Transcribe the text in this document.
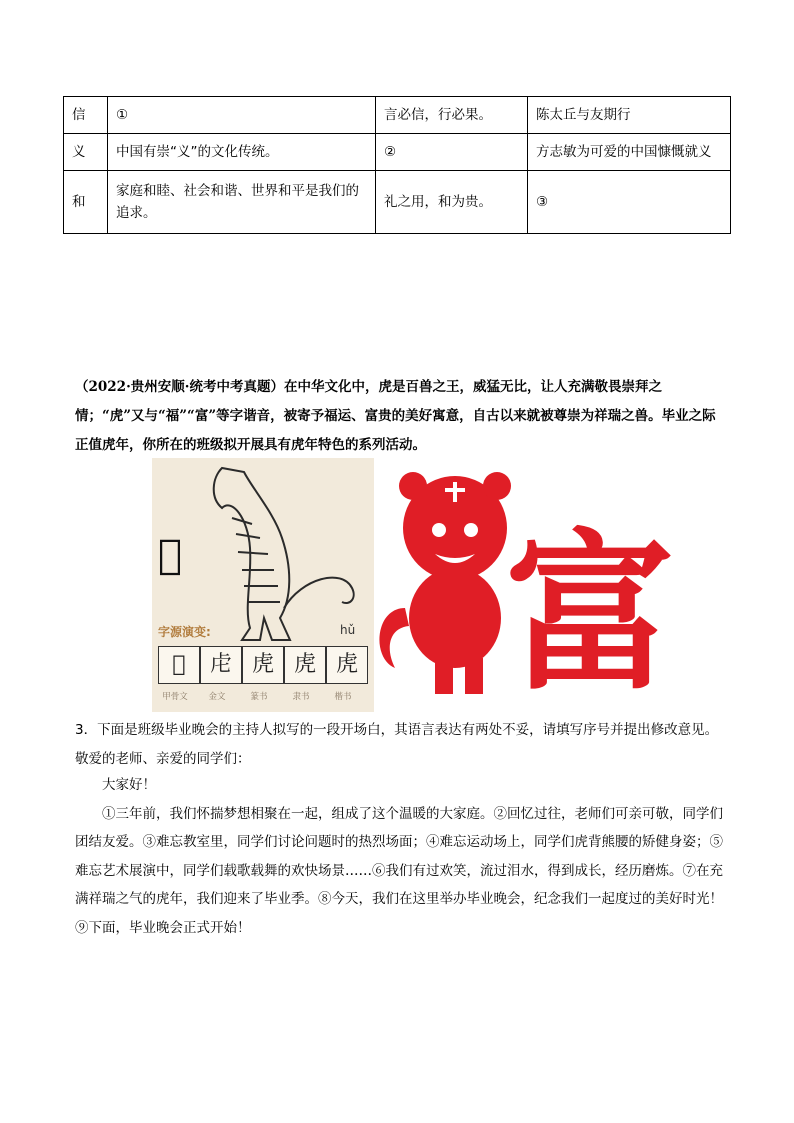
信	①	言必信，行必果。	陈太丘与友期行
义	中国有崇“义”的文化传统。	②	方志敏为可爱的中国慷慨就义
和	家庭和睦、社会和谐、世界和平是我们的追求。	礼之用，和为贵。	③
（2022·贵州安顺·统考中考真题）在中华文化中，虎是百兽之王，威猛无比，让人充满敬畏崇拜之情；“虎”又与“福”“富”等字谐音，被寄予福运、富贵的美好寓意，自古以来就被尊崇为祥瑞之兽。毕业之际正值虎年，你所在的班级拟开展具有虎年特色的系列活动。
𧆞
字源演变:	hǔ
𧆞	虍 虎 虎 虎
甲骨文	金文	篆书	隶书	楷书 富

3．下面是班级毕业晚会的主持人拟写的一段开场白，其语言表达有两处不妥，请填写序号并提出修改意见。

敬爱的老师、亲爱的同学们：

大家好！

①三年前，我们怀揣梦想相聚在一起，组成了这个温暖的大家庭。②回忆过往，老师们可亲可敬，同学们团结友爱。③难忘教室里，同学们讨论问题时的热烈场面；④难忘运动场上，同学们虎背熊腰的矫健身姿；⑤难忘艺术展演中，同学们载歌载舞的欢快场景……⑥我们有过欢笑，流过泪水，得到成长，经历磨炼。⑦在充满祥瑞之气的虎年，我们迎来了毕业季。⑧今天，我们在这里举办毕业晚会，纪念我们一起度过的美好时光！⑨下面，毕业晚会正式开始！
